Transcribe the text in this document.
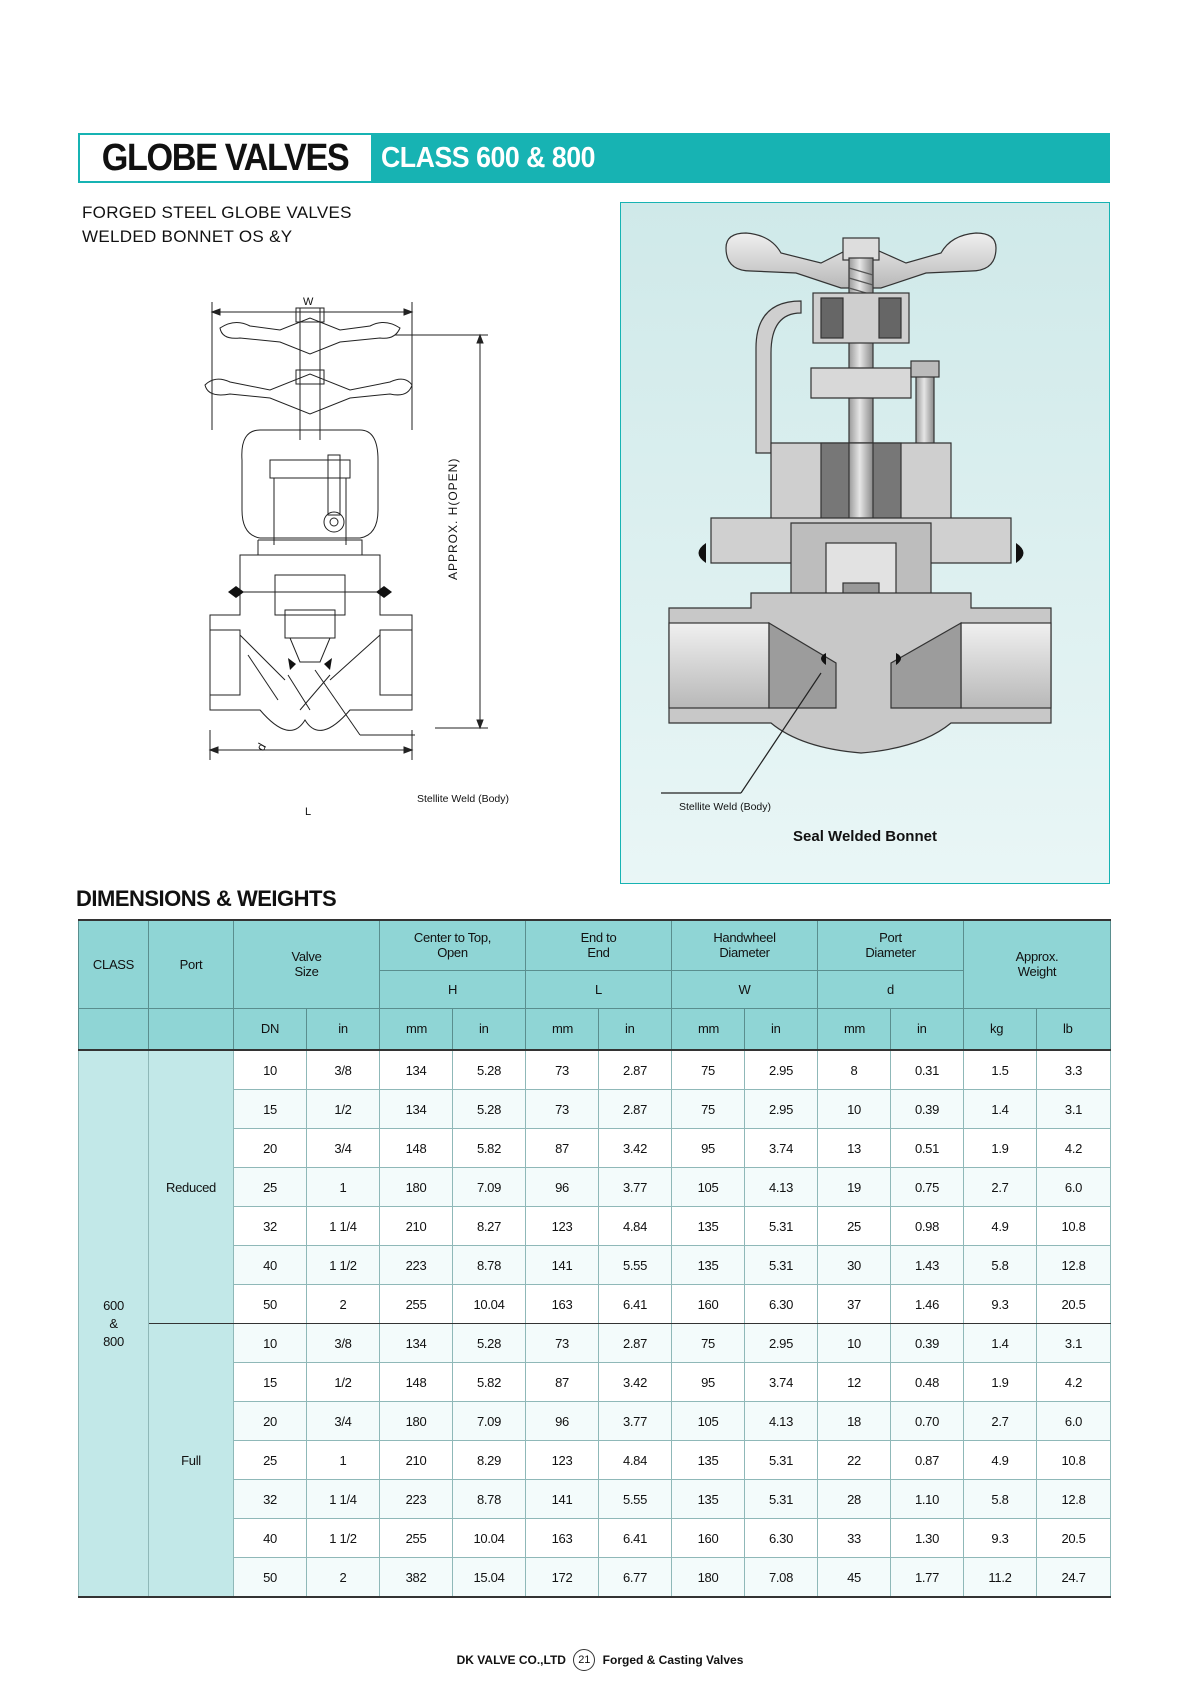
GLOBE VALVES CLASS 600 & 800
FORGED STEEL GLOBE VALVES
WELDED BONNET OS &Y
W
L
d
APPROX. H(OPEN)
Stellite Weld (Body)
Stellite Weld (Body)
Seal Welded Bonnet
DIMENSIONS & WEIGHTS
CLASS	Port	Valve Size		Center to Top, Open		End to End		Handwheel Diameter		Port Diameter		Approx. Weight	
				H		L		W		d			
		DN	in	mm	in	mm	in	mm	in	mm	in	kg	lb

600
&
800	Reduced	10	3/8	134	5.28	73	2.87	75	2.95	8	0.31	1.5	3.3
		15	1/2	134	5.28	73	2.87	75	2.95	10	0.39	1.4	3.1
		20	3/4	148	5.82	87	3.42	95	3.74	13	0.51	1.9	4.2
		25	1	180	7.09	96	3.77	105	4.13	19	0.75	2.7	6.0
		32	1 1/4	210	8.27	123	4.84	135	5.31	25	0.98	4.9	10.8
		40	1 1/2	223	8.78	141	5.55	135	5.31	30	1.43	5.8	12.8
		50	2	255	10.04	163	6.41	160	6.30	37	1.46	9.3	20.5
	Full	10	3/8	134	5.28	73	2.87	75	2.95	10	0.39	1.4	3.1
		15	1/2	148	5.82	87	3.42	95	3.74	12	0.48	1.9	4.2
		20	3/4	180	7.09	96	3.77	105	4.13	18	0.70	2.7	6.0
		25	1	210	8.29	123	4.84	135	5.31	22	0.87	4.9	10.8
		32	1 1/4	223	8.78	141	5.55	135	5.31	28	1.10	5.8	12.8
		40	1 1/2	255	10.04	163	6.41	160	6.30	33	1.30	9.3	20.5
		50	2	382	15.04	172	6.77	180	7.08	45	1.77	11.2	24.7
DK VALVE CO.,LTD 21 Forged & Casting Valves
